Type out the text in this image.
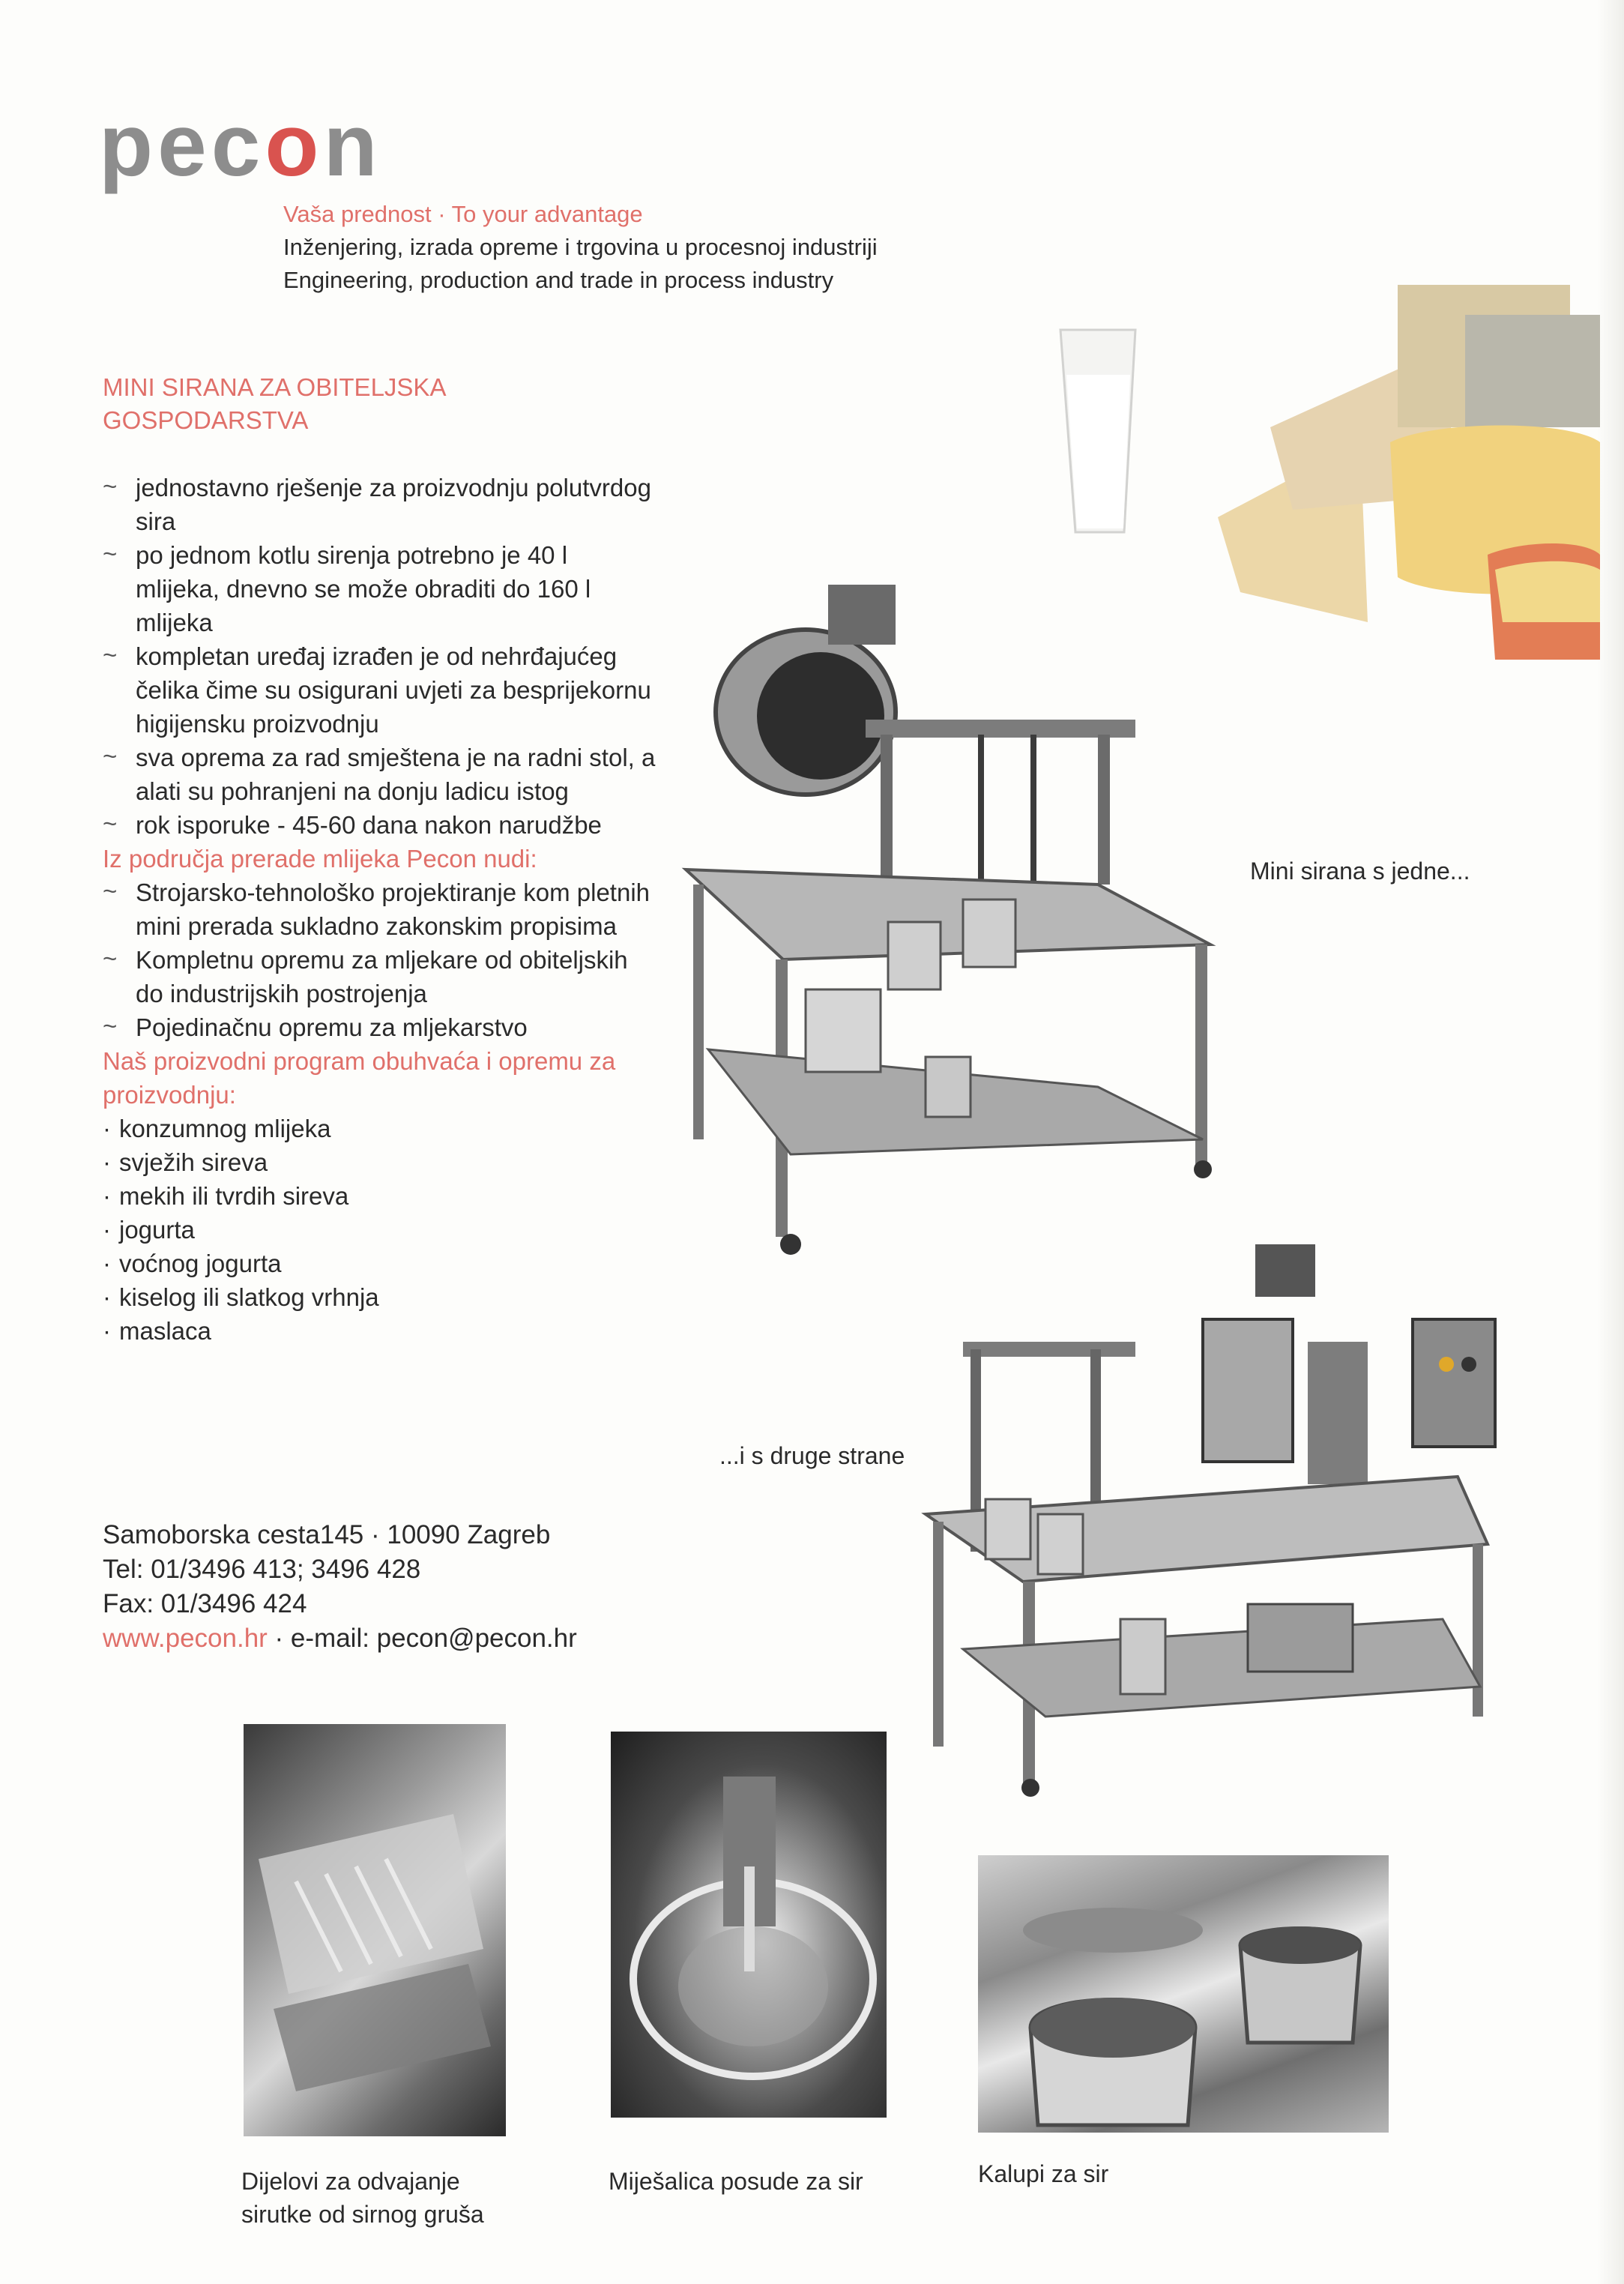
pecon
Vaša prednost · To your advantage
Inženjering, izrada opreme i trgovina u procesnoj industriji
Engineering, production and trade in process industry
MINI SIRANA ZA OBITELJSKA
GOSPODARSTVA

~ jednostavno rješenje za proizvodnju polutvrdog sira

~ po jednom kotlu sirenja potrebno je 40 l mlijeka, dnevno se može obraditi do 160 l mlijeka

~ kompletan uređaj izrađen je od nehrđajućeg čelika čime su osigurani uvjeti za besprijekornu higijensku proizvodnju

~ sva oprema za rad smještena je na radni stol, a alati su pohranjeni na donju ladicu istog

~ rok isporuke - 45-60 dana nakon narudžbe

Iz područja prerade mlijeka Pecon nudi:

~ Strojarsko-tehnološko projektiranje kom pletnih mini prerada sukladno zakonskim propisima

~ Kompletnu opremu za mljekare od obiteljskih do industrijskih postrojenja

~ Pojedinačnu opremu za mljekarstvo

Naš proizvodni program obuhvaća i opremu za proizvodnju:

· konzumnog mlijeka

· svježih sireva

· mekih ili tvrdih sireva

· jogurta

· voćnog jogurta

· kiselog ili slatkog vrhnja

· maslaca

Mini sirana s jedne...
...i s druge strane
Samoborska cesta145 · 10090 Zagreb
Tel: 01/3496 413; 3496 428
Fax: 01/3496 424
www.pecon.hr · e-mail: pecon@pecon.hr
Dijelovi za odvajanje
sirutke od sirnog gruša
Miješalica posude za sir	Kalupi za sir
